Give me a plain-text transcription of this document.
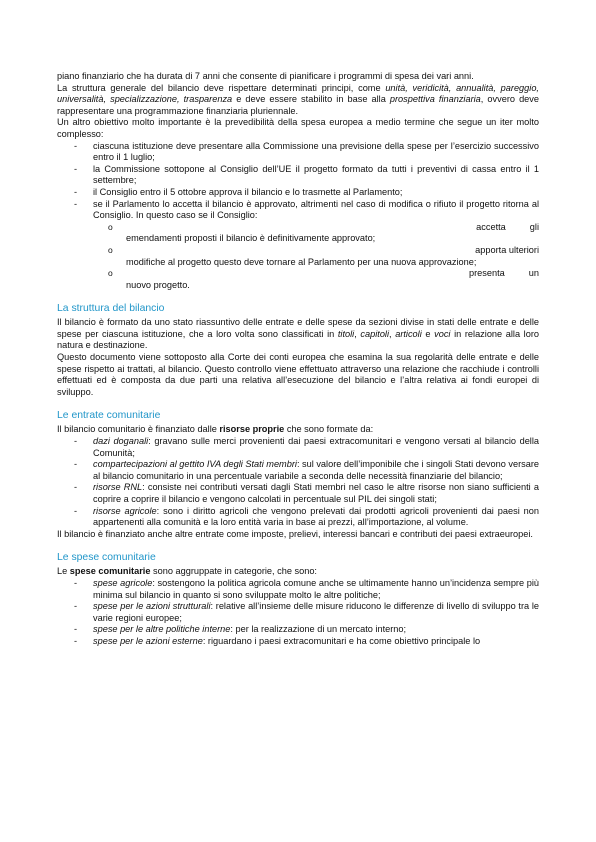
piano finanziario che ha durata di 7 anni che consente di pianificare i programmi di spesa dei vari anni.

La struttura generale del bilancio deve rispettare determinati principi, come unità, veridicità, annualità, pareggio, universalità, specializzazione, trasparenza e deve essere stabilito in base alla prospettiva finanziaria, ovvero deve rappresentare una programmazione finanziaria pluriennale.

Un altro obiettivo molto importante è la prevedibilità della spesa europea a medio termine che segue un iter molto complesso:

- ciascuna istituzione deve presentare alla Commissione una previsione della spese per l’esercizio successivo entro il 1 luglio;
- la Commissione sottopone al Consiglio dell’UE il progetto formato da tutti i preventivi di cassa entro il 1 settembre;
- il Consiglio entro il 5 ottobre approva il bilancio e lo trasmette al Parlamento;
- se il Parlamento lo accetta il bilancio è approvato, altrimenti nel caso di modifica o rifiuto il progetto ritorna al Consiglio. In questo caso se il Consiglio:
o accetta	gli
emendamenti proposti il bilancio è definitivamente approvato;
o apporta ulteriori
modifiche al progetto questo deve tornare al Parlamento per una nuova approvazione;
o presenta	un
nuovo progetto.
La struttura del bilancio

Il bilancio è formato da uno stato riassuntivo delle entrate e delle spese da sezioni divise in stati delle entrate e delle spese per ciascuna istituzione, che a loro volta sono classificati in titoli, capitoli, articoli e voci in relazione alla loro natura e destinazione.

Questo documento viene sottoposto alla Corte dei conti europea che esamina la sua regolarità delle entrate e delle spese rispetto ai trattati, al bilancio. Questo controllo viene effettuato attraverso una relazione che racchiude i controlli effettuati ed è composta da due parti una relativa all’esecuzione del bilancio e l’altra relativa ai fondi europei di sviluppo.

Le entrate comunitarie

Il bilancio comunitario è finanziato dalle risorse proprie che sono formate da:

- dazi doganali: gravano sulle merci provenienti dai paesi extracomunitari e vengono versati al bilancio della Comunità;
- compartecipazioni al gettito IVA degli Stati membri: sul valore dell’imponibile che i singoli Stati devono versare al bilancio comunitario in una percentuale variabile a seconda delle necessità finanziarie del bilancio;
- risorse RNL: consiste nei contributi versati dagli Stati membri nel caso le altre risorse non siano sufficienti a coprire a coprire il bilancio e vengono calcolati in percentuale sul PIL dei singoli stati;
- risorse agricole: sono i diritto agricoli che vengono prelevati dai prodotti agricoli provenienti dai paesi non appartenenti alla comunità e la loro entità varia in base ai prezzi, all’importazione, al volume.

Il bilancio è finanziato anche altre entrate come imposte, prelievi, interessi bancari e contributi dei paesi extraeuropei.

Le spese comunitarie

Le spese comunitarie sono aggruppate in categorie, che sono:

- spese agricole: sostengono la politica agricola comune anche se ultimamente hanno un’incidenza sempre più minima sul bilancio in quanto si sono sviluppate molto le altre politiche;
- spese per le azioni strutturali: relative all’insieme delle misure riducono le differenze di livello di sviluppo tra le varie regioni europee;
- spese per le altre politiche interne: per la realizzazione di un mercato interno;
- spese per le azioni esterne: riguardano i paesi extracomunitari e ha come obiettivo principale lo
